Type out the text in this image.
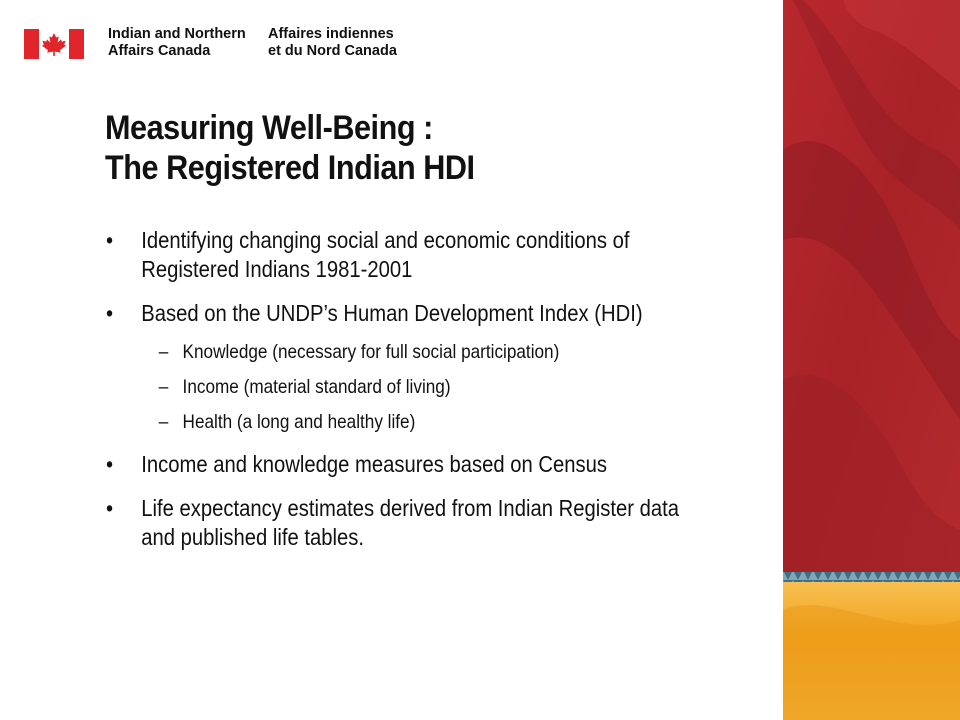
Indian and Northern
Affairs Canada
Affaires indiennes
et du Nord Canada
Measuring Well-Being :
The Registered Indian HDI
• Identifying changing social and economic conditions of Registered Indians 1981-2001
• Based on the UNDP’s Human Development Index (HDI)
– Knowledge (necessary for full social participation)
– Income (material standard of living)
– Health (a long and healthy life)
• Income and knowledge measures based on Census
• Life expectancy estimates derived from Indian Register data and published life tables.
